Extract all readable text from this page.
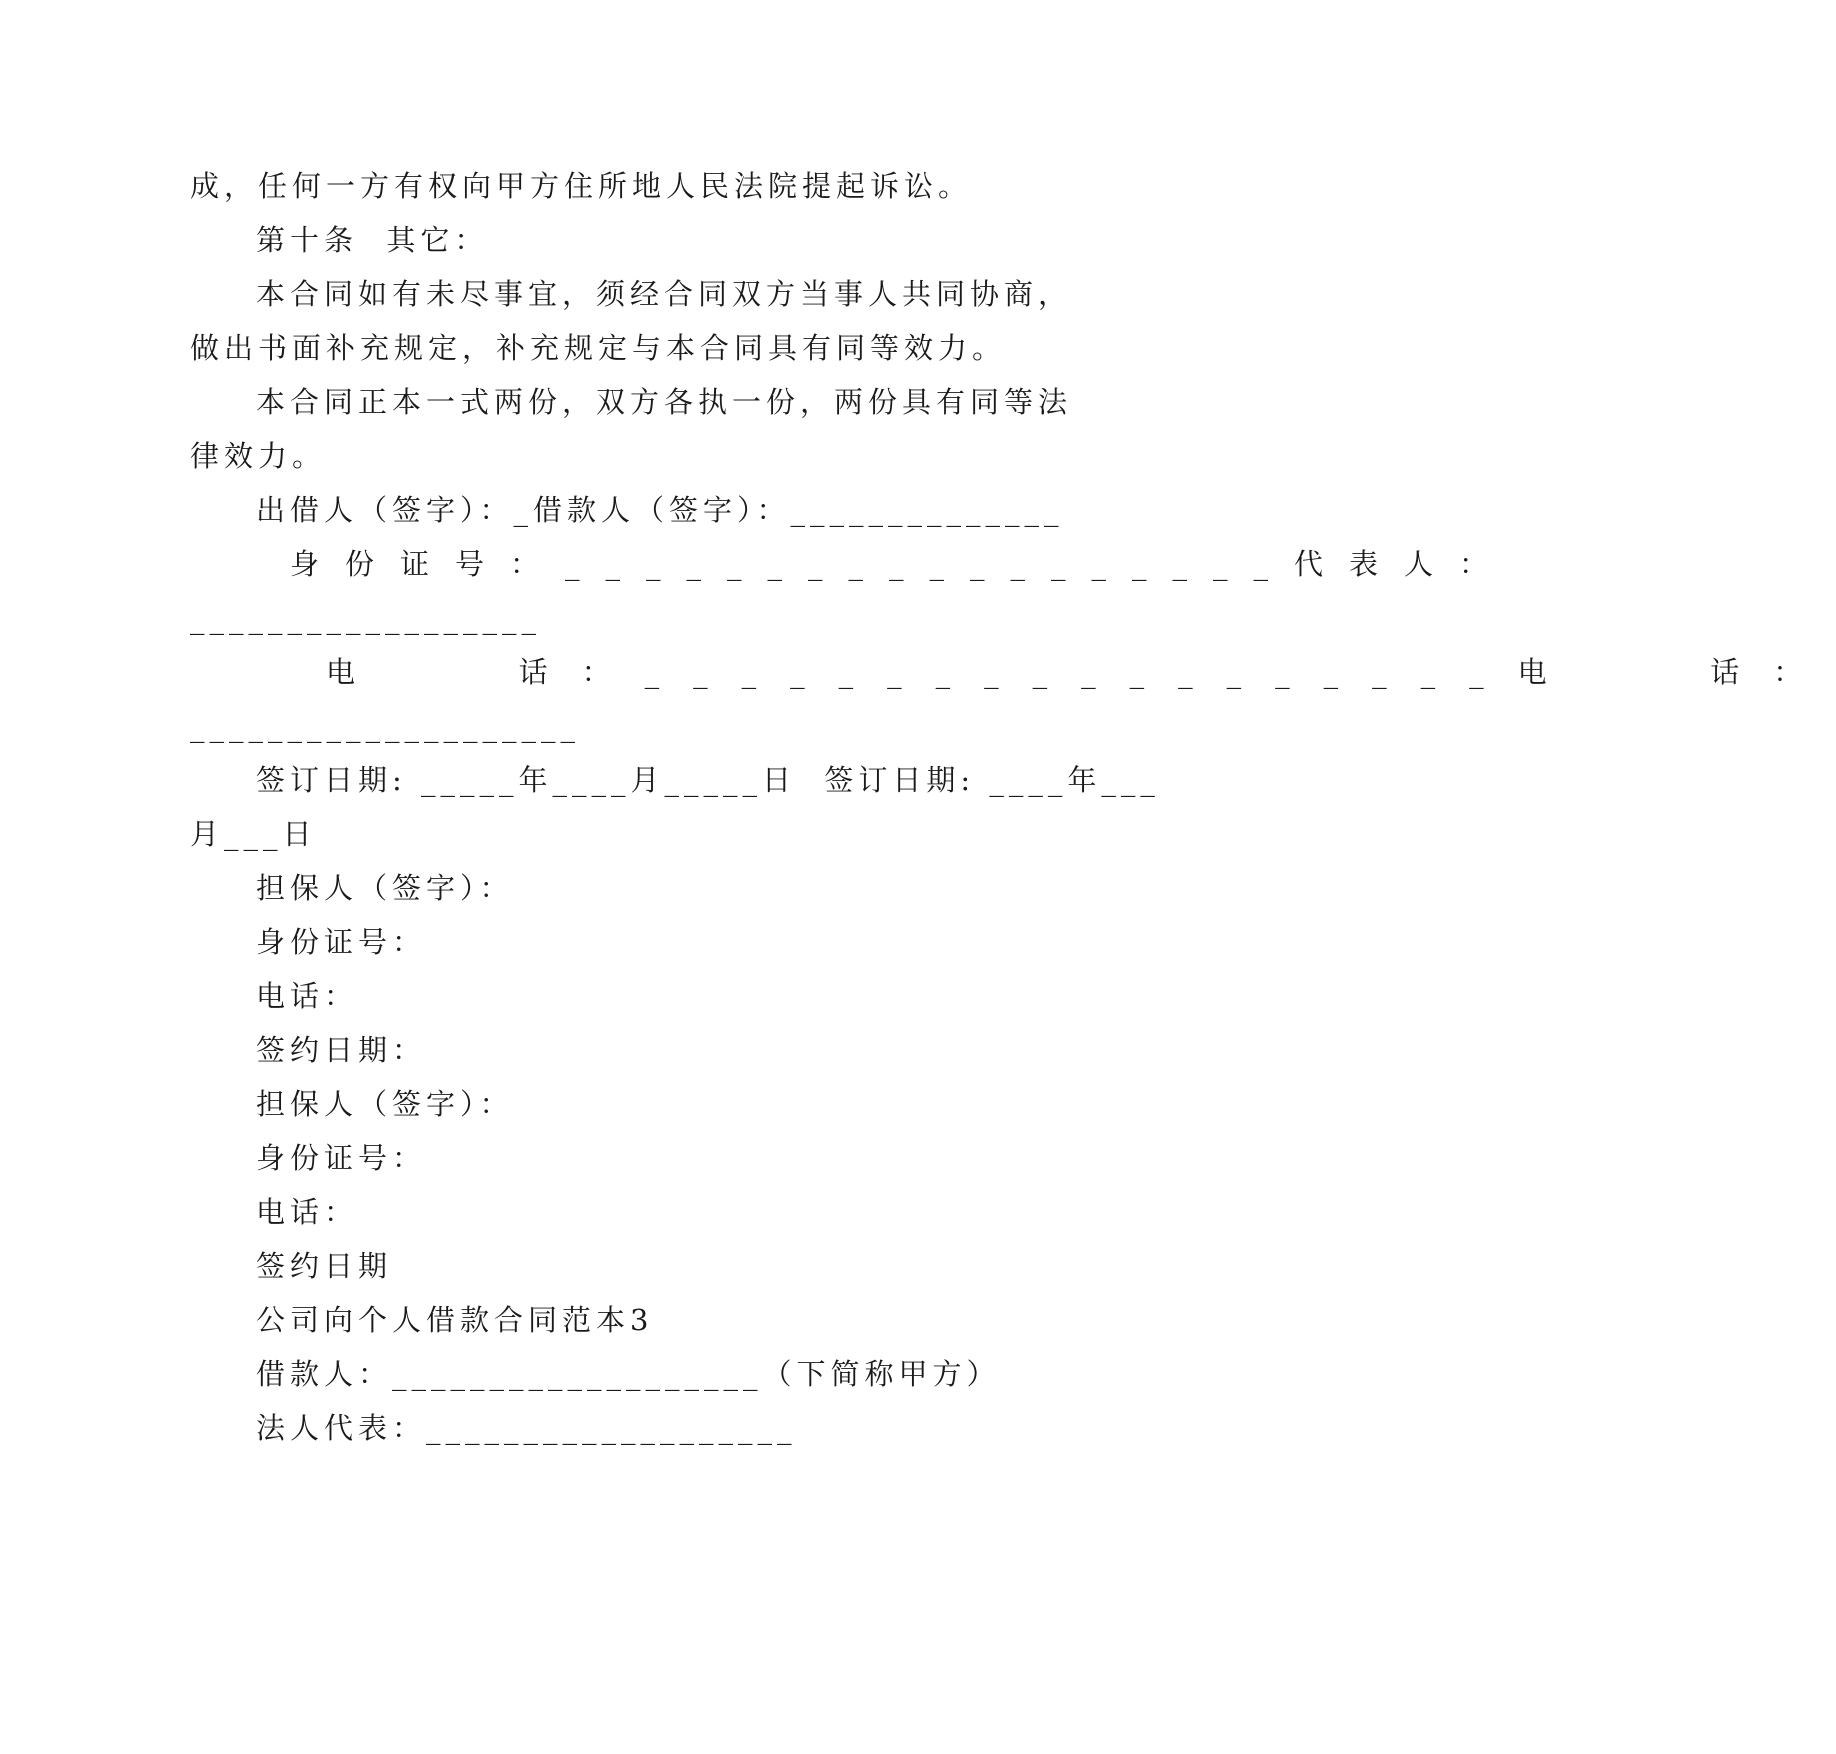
成，任何一方有权向甲方住所地人民法院提起诉讼。
第十条  其它：
本合同如有未尽事宜，须经合同双方当事人共同协商，
做出书面补充规定，补充规定与本合同具有同等效力。
本合同正本一式两份，双方各执一份，两份具有同等法
律效力。
出借人（签字）：_借款人（签字）：______________
身份证号：__________________代表人：
__________________
电   话：__________________电   话：
____________________
签订日期: _____年____月_____日  签订日期: ____年___
月___日
担保人（签字）：
身份证号：
电话：
签约日期：
担保人（签字）：
身份证号：
电话：
签约日期
公司向个人借款合同范本3
借款人：___________________（下简称甲方）
法人代表：___________________
